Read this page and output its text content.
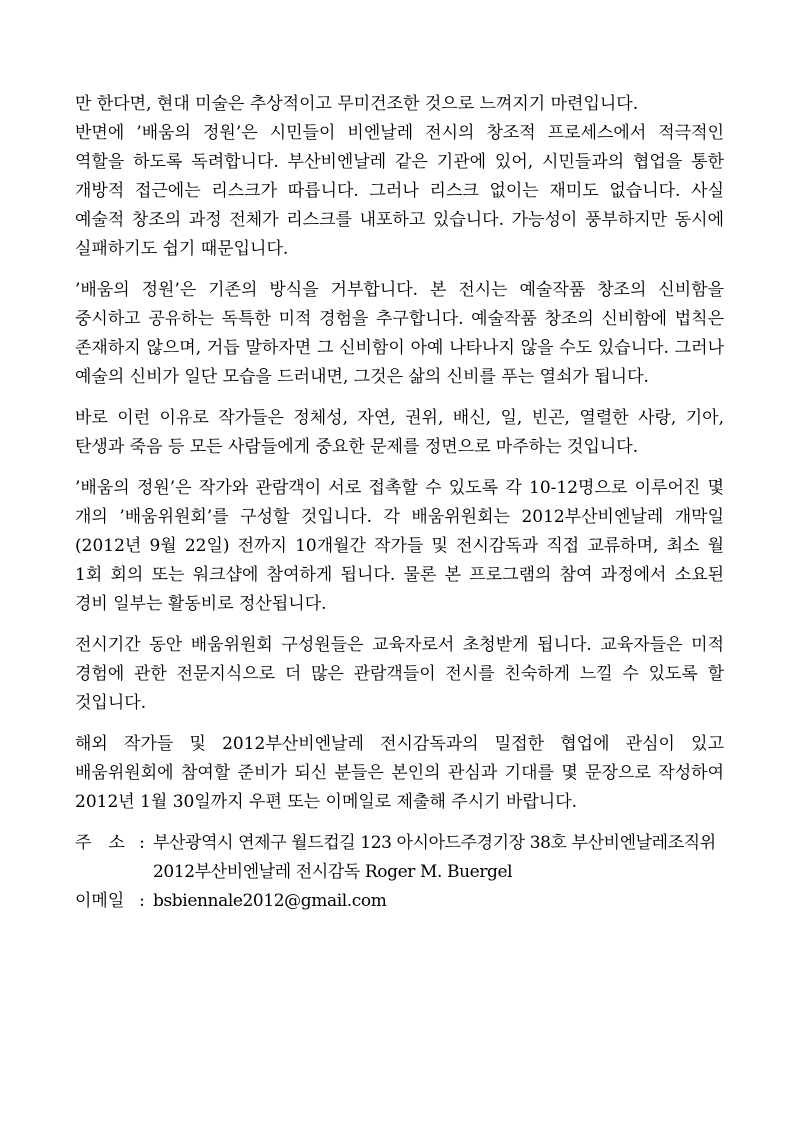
만 한다면, 현대 미술은 추상적이고 무미건조한 것으로 느껴지기 마련입니다.
반면에 ’배움의 정원’은 시민들이 비엔날레 전시의 창조적 프로세스에서 적극적인 역할을 하도록 독려합니다. 부산비엔날레 같은 기관에 있어, 시민들과의 협업을 통한 개방적 접근에는 리스크가 따릅니다. 그러나 리스크 없이는 재미도 없습니다. 사실 예술적 창조의 과정 전체가 리스크를 내포하고 있습니다. 가능성이 풍부하지만 동시에 실패하기도 쉽기 때문입니다.

’배움의 정원’은 기존의 방식을 거부합니다. 본 전시는 예술작품 창조의 신비함을 중시하고 공유하는 독특한 미적 경험을 추구합니다. 예술작품 창조의 신비함에 법칙은 존재하지 않으며, 거듭 말하자면 그 신비함이 아예 나타나지 않을 수도 있습니다. 그러나 예술의 신비가 일단 모습을 드러내면, 그것은 삶의 신비를 푸는 열쇠가 됩니다.

바로 이런 이유로 작가들은 정체성, 자연, 권위, 배신, 일, 빈곤, 열렬한 사랑, 기아, 탄생과 죽음 등 모든 사람들에게 중요한 문제를 정면으로 마주하는 것입니다.

’배움의 정원’은 작가와 관람객이 서로 접촉할 수 있도록 각 10-12명으로 이루어진 몇 개의 ’배움위원회’를 구성할 것입니다. 각 배움위원회는 2012부산비엔날레 개막일(2012년 9월 22일) 전까지 10개월간 작가들 및 전시감독과 직접 교류하며, 최소 월 1회 회의 또는 워크샵에 참여하게 됩니다. 물론 본 프로그램의 참여 과정에서 소요된 경비 일부는 활동비로 정산됩니다.

전시기간 동안 배움위원회 구성원들은 교육자로서 초청받게 됩니다. 교육자들은 미적 경험에 관한 전문지식으로 더 많은 관람객들이 전시를 친숙하게 느낄 수 있도록 할 것입니다.

해외 작가들 및 2012부산비엔날레 전시감독과의 밀접한 협업에 관심이 있고 배움위원회에 참여할 준비가 되신 분들은 본인의 관심과 기대를 몇 문장으로 작성하여 2012년 1월 30일까지 우편 또는 이메일로 제출해 주시기 바랍니다.

주　소 : 부산광역시 연제구 월드컵길 123 아시아드주경기장 38호 부산비엔날레조직위
2012부산비엔날레 전시감독 Roger M. Buergel
이메일 : bsbiennale2012@gmail.com
